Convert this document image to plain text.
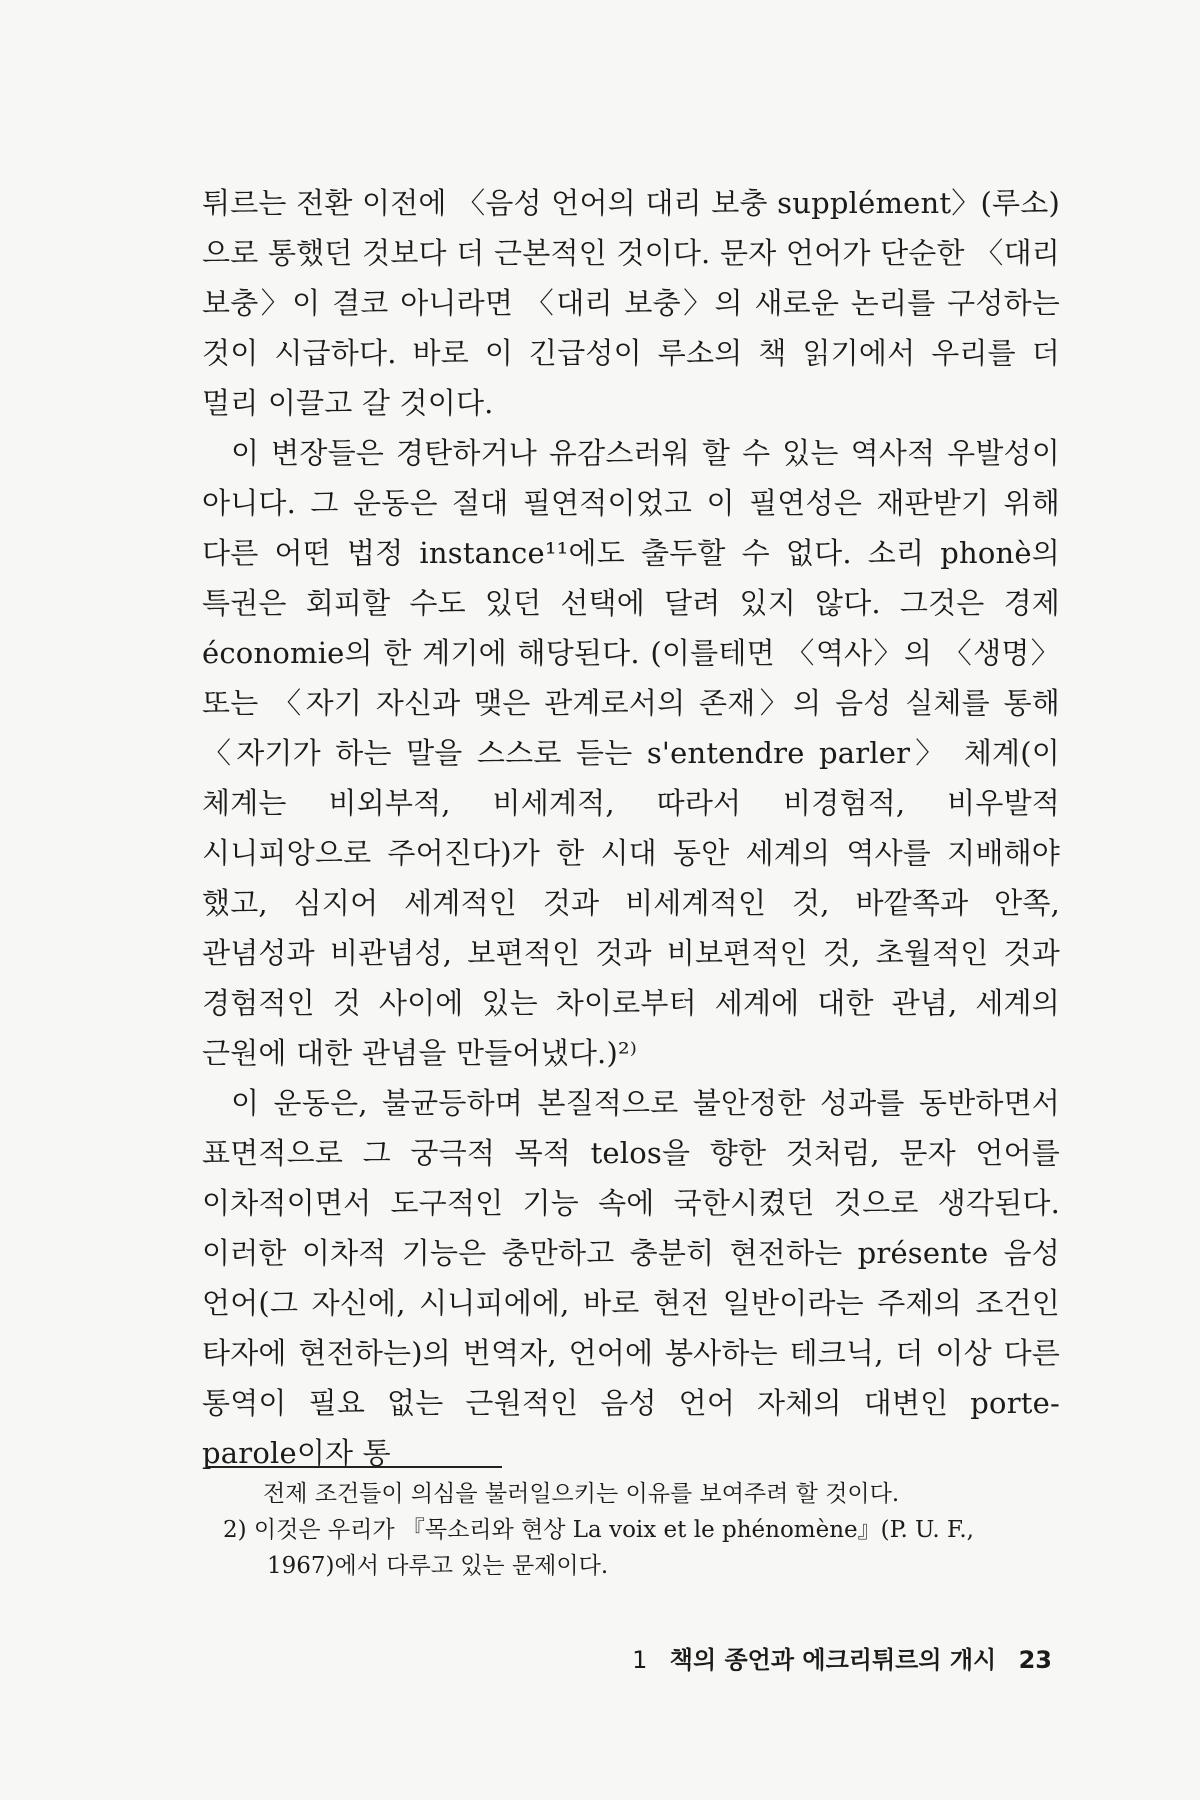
튀르는 전환 이전에 〈음성 언어의 대리 보충 supplément〉(루소)으로 통했던 것보다 더 근본적인 것이다. 문자 언어가 단순한 〈대리 보충〉이 결코 아니라면 〈대리 보충〉의 새로운 논리를 구성하는 것이 시급하다. 바로 이 긴급성이 루소의 책 읽기에서 우리를 더 멀리 이끌고 갈 것이다.

이 변장들은 경탄하거나 유감스러워 할 수 있는 역사적 우발성이 아니다. 그 운동은 절대 필연적이었고 이 필연성은 재판받기 위해 다른 어떤 법정 instance¹¹에도 출두할 수 없다. 소리 phonè의 특권은 회피할 수도 있던 선택에 달려 있지 않다. 그것은 경제 économie의 한 계기에 해당된다. (이를테면 〈역사〉의 〈생명〉 또는 〈자기 자신과 맺은 관계로서의 존재〉의 음성 실체를 통해 〈자기가 하는 말을 스스로 듣는 s'entendre parler〉 체계(이 체계는 비외부적, 비세계적, 따라서 비경험적, 비우발적 시니피앙으로 주어진다)가 한 시대 동안 세계의 역사를 지배해야 했고, 심지어 세계적인 것과 비세계적인 것, 바깥쪽과 안쪽, 관념성과 비관념성, 보편적인 것과 비보편적인 것, 초월적인 것과 경험적인 것 사이에 있는 차이로부터 세계에 대한 관념, 세계의 근원에 대한 관념을 만들어냈다.)²⁾

이 운동은, 불균등하며 본질적으로 불안정한 성과를 동반하면서 표면적으로 그 궁극적 목적 telos을 향한 것처럼, 문자 언어를 이차적이면서 도구적인 기능 속에 국한시켰던 것으로 생각된다. 이러한 이차적 기능은 충만하고 충분히 현전하는 présente 음성 언어(그 자신에, 시니피에에, 바로 현전 일반이라는 주제의 조건인 타자에 현전하는)의 번역자, 언어에 봉사하는 테크닉, 더 이상 다른 통역이 필요 없는 근원적인 음성 언어 자체의 대변인 porte-parole이자 통

전제 조건들이 의심을 불러일으키는 이유를 보여주려 할 것이다.

2) 이것은 우리가 『목소리와 현상 La voix et le phénomène』(P. U. F.,

1967)에서 다루고 있는 문제이다.

1 책의 종언과 에크리튀르의 개시 23
